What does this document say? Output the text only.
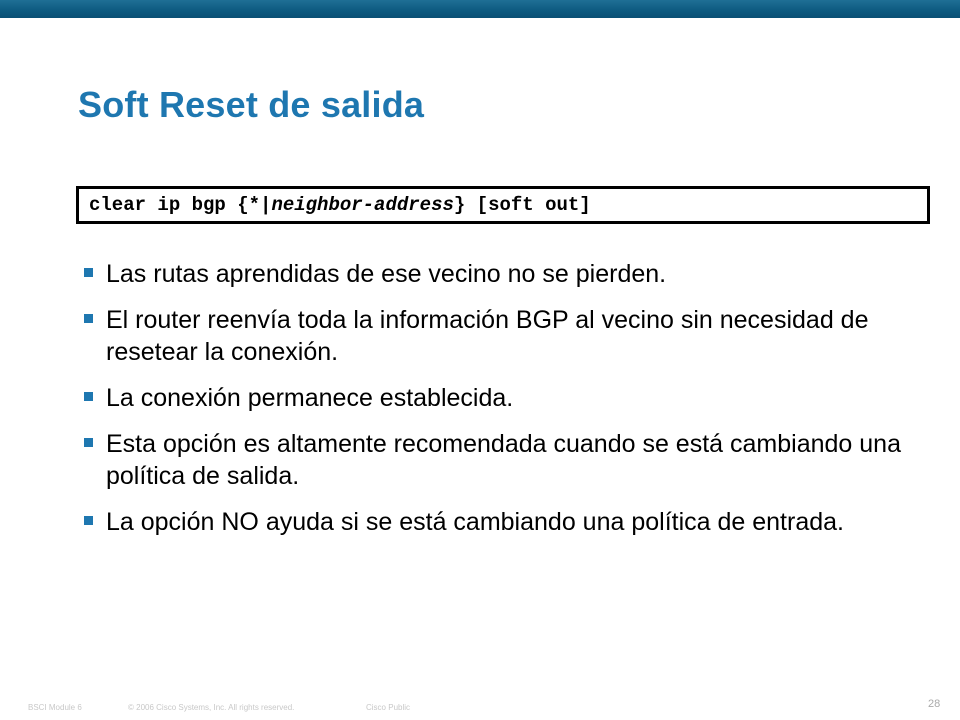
Soft Reset de salida
clear ip bgp {*|neighbor-address} [soft out]
Las rutas aprendidas de ese vecino no se pierden.
El router reenvía toda la información BGP al vecino sin necesidad de resetear la conexión.
La conexión permanece establecida.
Esta opción es altamente recomendada cuando se está cambiando una política de salida.
La opción NO ayuda si se está cambiando una política de entrada.
BSCI Module 6	© 2006 Cisco Systems, Inc. All rights reserved.	Cisco Public	28
